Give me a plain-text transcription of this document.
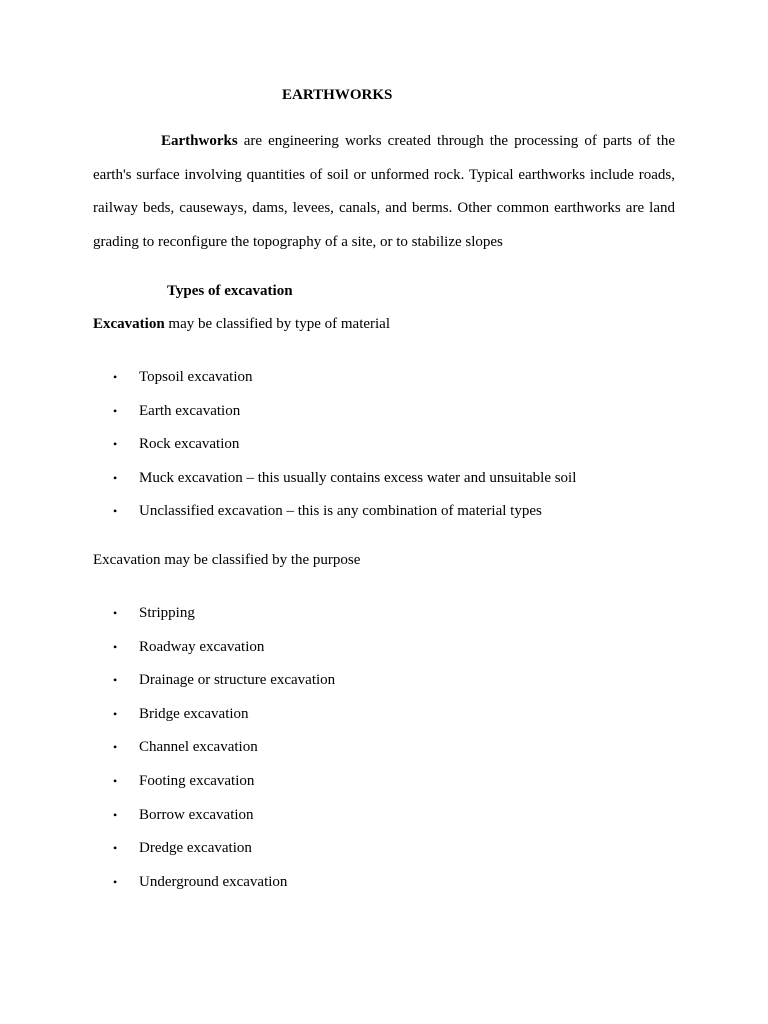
EARTHWORKS

Earthworks are engineering works created through the processing of parts of the earth's surface involving quantities of soil or unformed rock. Typical earthworks include roads, railway beds, causeways, dams, levees, canals, and berms. Other common earthworks are land grading to reconfigure the topography of a site, or to stabilize slopes

Types of excavation

Excavation may be classified by type of material

• Topsoil excavation
• Earth excavation
• Rock excavation
• Muck excavation – this usually contains excess water and unsuitable soil
• Unclassified excavation – this is any combination of material types

Excavation may be classified by the purpose

• Stripping
• Roadway excavation
• Drainage or structure excavation
• Bridge excavation
• Channel excavation
• Footing excavation
• Borrow excavation
• Dredge excavation
• Underground excavation
